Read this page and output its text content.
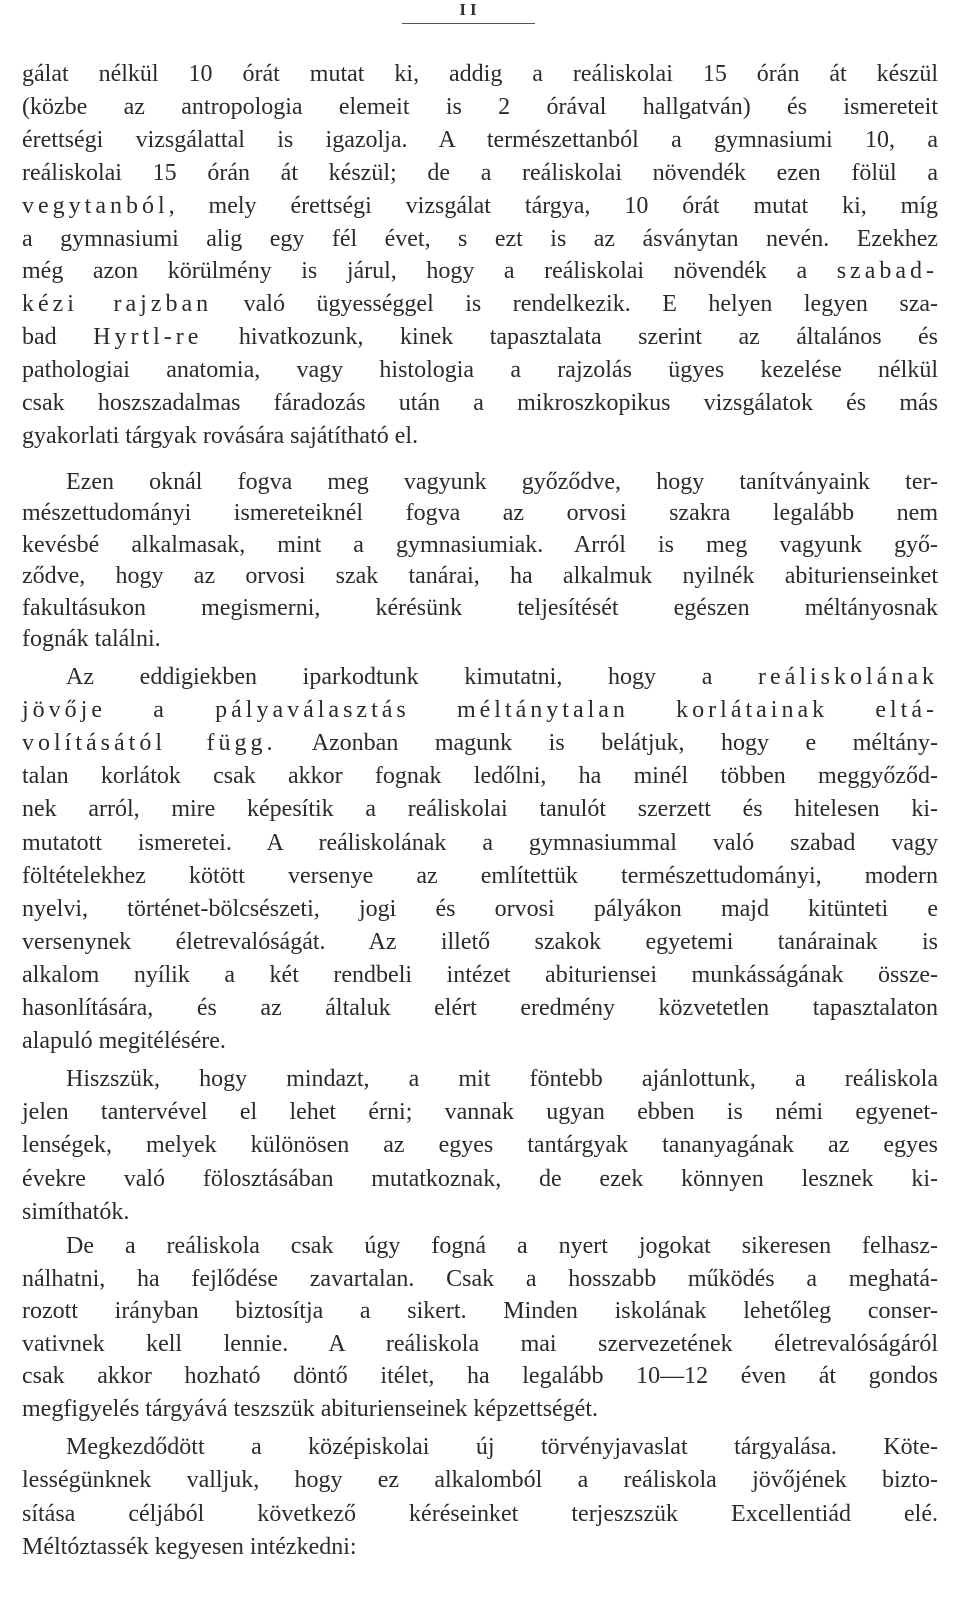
II
gálat nélkül 10 órát mutat ki, addig a reáliskolai 15 órán át készül
(közbe az antropologia elemeit is 2 órával hallgatván) és ismereteit
érettségi vizsgálattal is igazolja. A természettanból a gymnasiumi 10, a
reáliskolai 15 órán át készül; de a reáliskolai növendék ezen fölül a
vegytanból, mely érettségi vizsgálat tárgya, 10 órát mutat ki, míg
a gymnasiumi alig egy fél évet, s ezt is az ásványtan nevén. Ezekhez
még azon körülmény is járul, hogy a reáliskolai növendék a szabad-
kézi rajzban való ügyességgel is rendelkezik. E helyen legyen sza-
bad Hyrtl-re hivatkozunk, kinek tapasztalata szerint az általános és
pathologiai anatomia, vagy histologia a rajzolás ügyes kezelése nélkül
csak hoszszadalmas fáradozás után a mikroszkopikus vizsgálatok és más
gyakorlati tárgyak rovására sajátítható el.
Ezen oknál fogva meg vagyunk győződve, hogy tanítványaink ter-
mészettudományi ismereteiknél fogva az orvosi szakra legalább nem
kevésbé alkalmasak, mint a gymnasiumiak. Arról is meg vagyunk győ-
ződve, hogy az orvosi szak tanárai, ha alkalmuk nyilnék abiturienseinket
fakultásukon megismerni, kérésünk teljesítését egészen méltányosnak
fognák találni.
Az eddigiekben iparkodtunk kimutatni, hogy a reáliskolának
jövője a pályaválasztás méltánytalan korlátainak eltá-
volításától függ. Azonban magunk is belátjuk, hogy e méltány-
talan korlátok csak akkor fognak ledőlni, ha minél többen meggyőződ-
nek arról, mire képesítik a reáliskolai tanulót szerzett és hitelesen ki-
mutatott ismeretei. A reáliskolának a gymnasiummal való szabad vagy
föltételekhez kötött versenye az említettük természettudományi, modern
nyelvi, történet-bölcsészeti, jogi és orvosi pályákon majd kitünteti e
versenynek életrevalóságát. Az illető szakok egyetemi tanárainak is
alkalom nyílik a két rendbeli intézet abituriensei munkásságának össze-
hasonlítására, és az általuk elért eredmény közvetetlen tapasztalaton
alapuló megitélésére.
Hiszszük, hogy mindazt, a mit föntebb ajánlottunk, a reáliskola
jelen tantervével el lehet érni; vannak ugyan ebben is némi egyenet-
lenségek, melyek különösen az egyes tantárgyak tananyagának az egyes
évekre való fölosztásában mutatkoznak, de ezek könnyen lesznek ki-
simíthatók.
De a reáliskola csak úgy fogná a nyert jogokat sikeresen felhasz-
nálhatni, ha fejlődése zavartalan. Csak a hosszabb működés a meghatá-
rozott irányban biztosítja a sikert. Minden iskolának lehetőleg conser-
vativnek kell lennie. A reáliskola mai szervezetének életrevalóságáról
csak akkor hozható döntő itélet, ha legalább 10—12 éven át gondos
megfigyelés tárgyává teszszük abiturienseinek képzettségét.
Megkezdődött a középiskolai új törvényjavaslat tárgyalása. Köte-
lességünknek valljuk, hogy ez alkalomból a reáliskola jövőjének bizto-
sítása céljából következő kéréseinket terjeszszük Excellentiád elé.
Méltóztassék kegyesen intézkedni:
